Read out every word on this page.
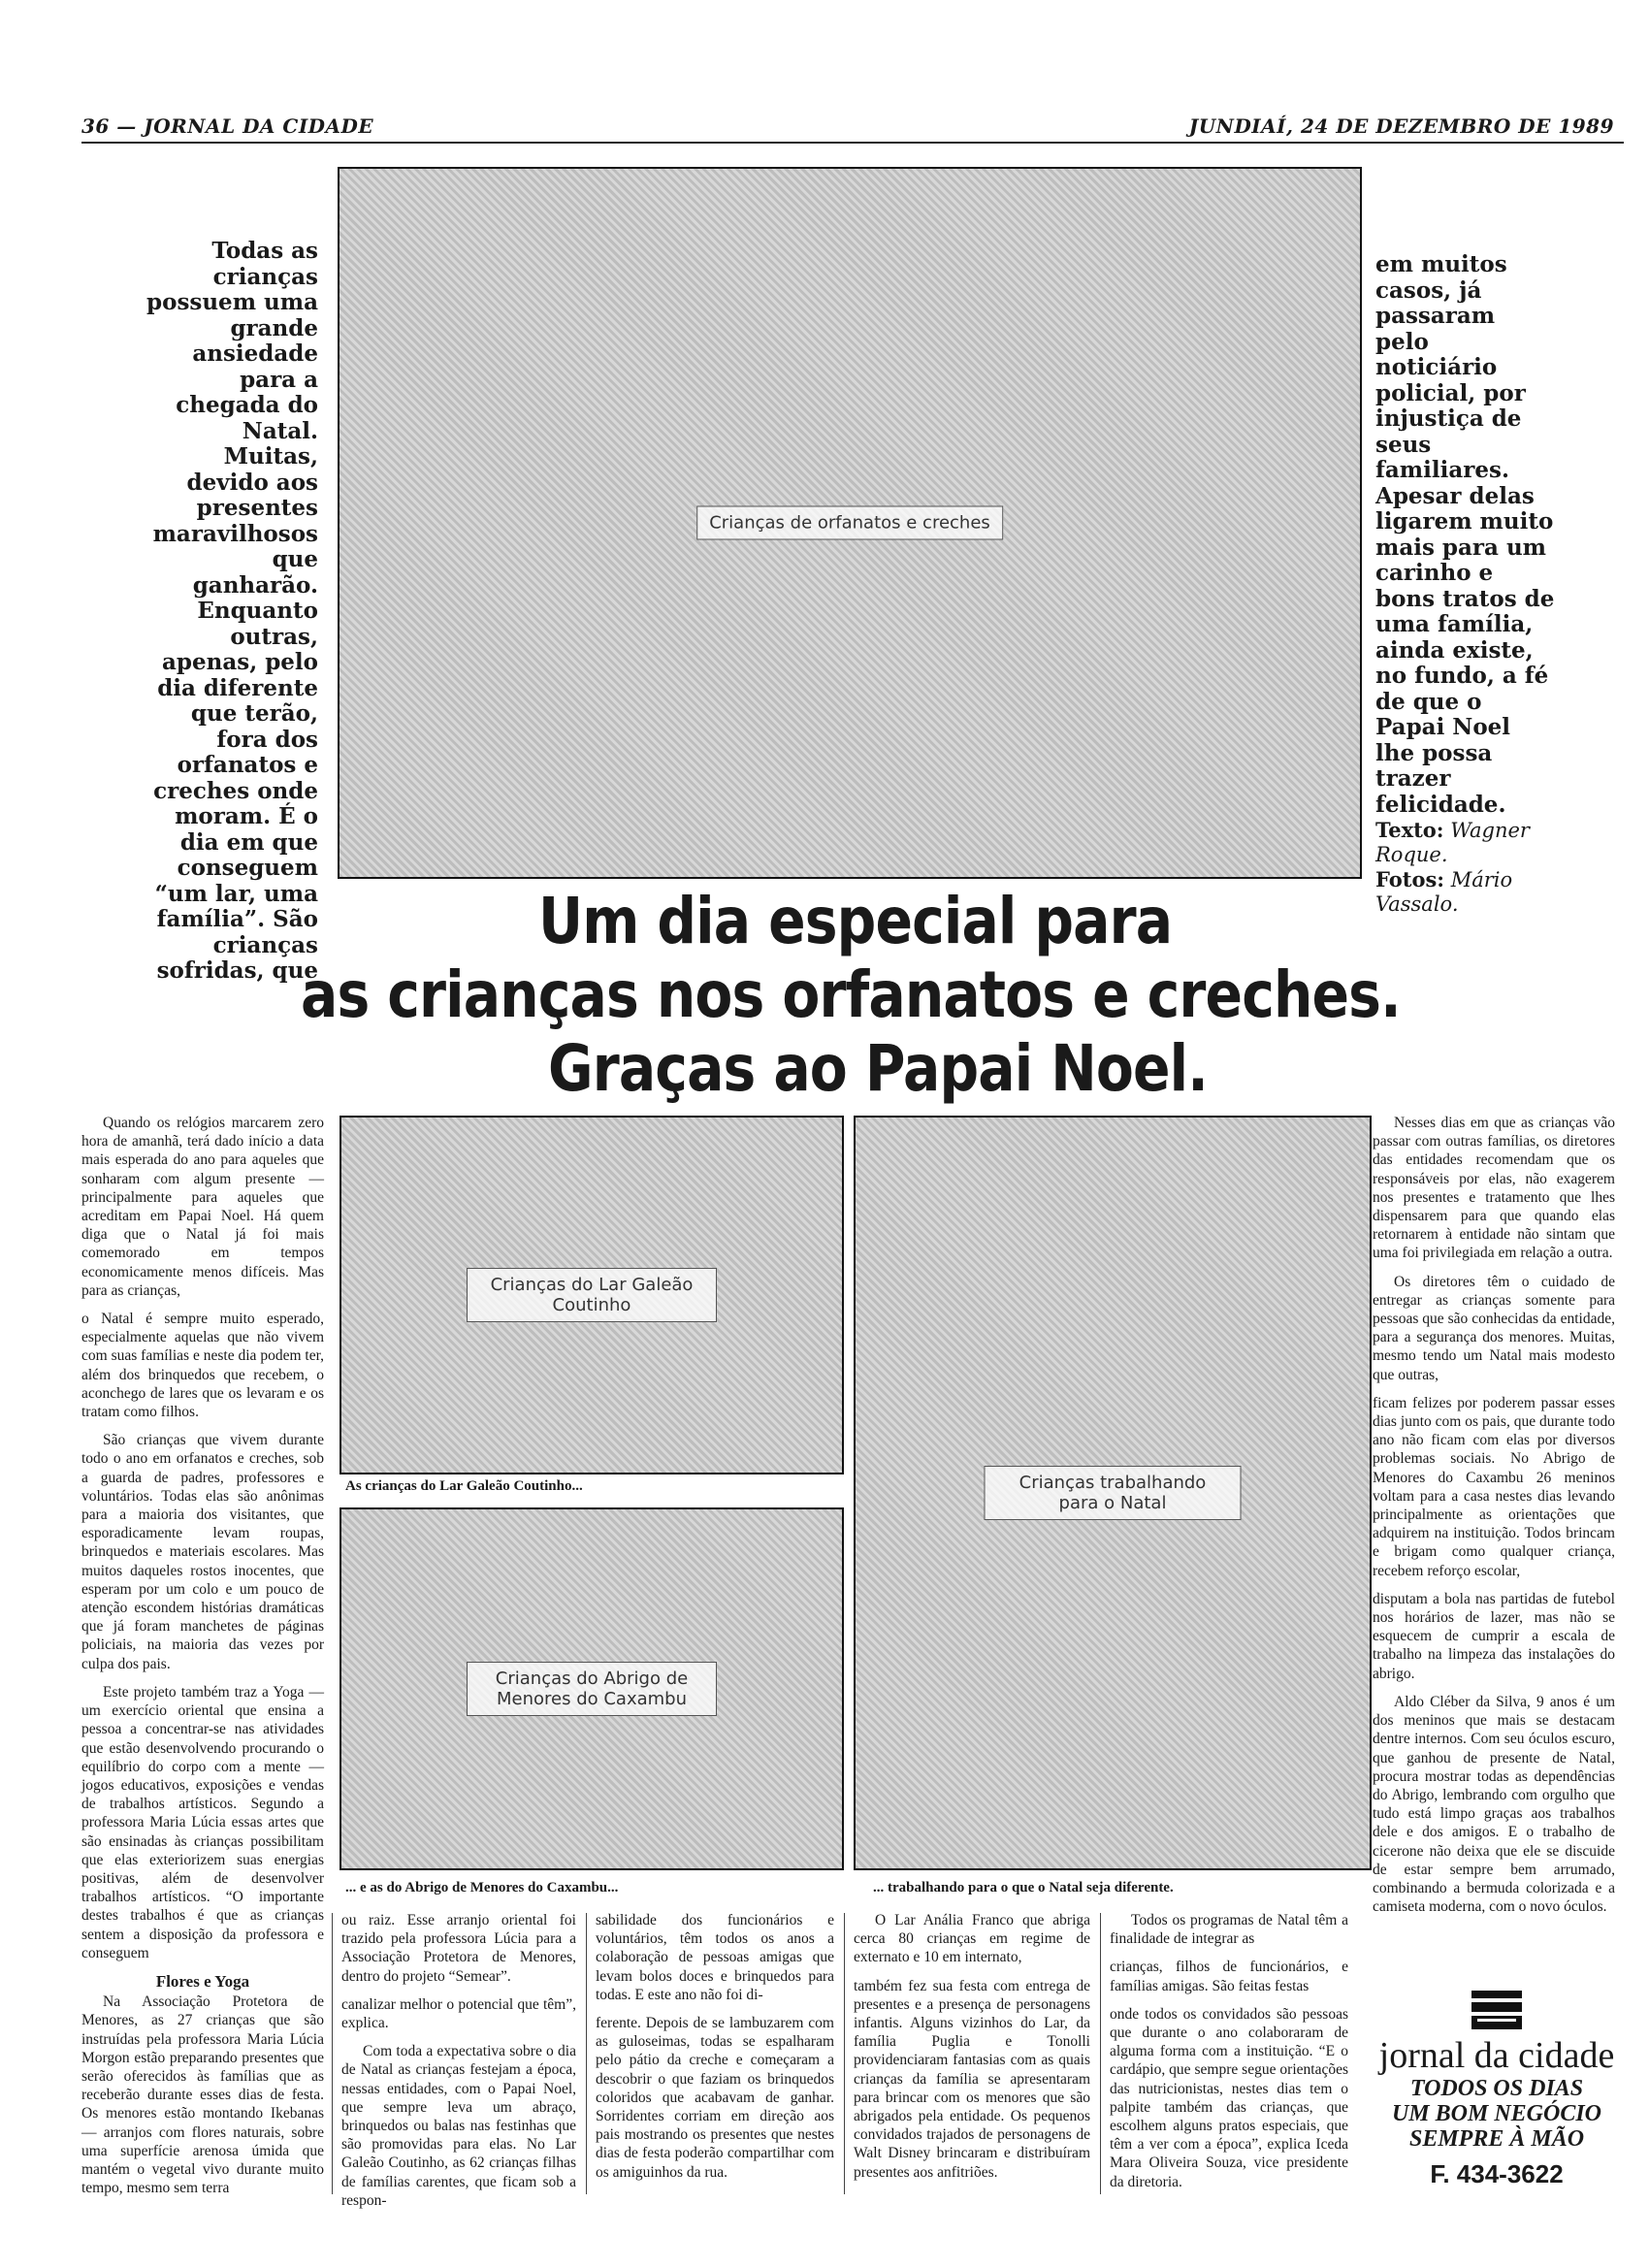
36 — JORNAL DA CIDADE	JUNDIAÍ, 24 DE DEZEMBRO DE 1989
Todas as crianças possuem uma grande ansiedade para a chegada do Natal. Muitas, devido aos presentes maravilhosos que ganharão. Enquanto outras, apenas, pelo dia diferente que terão, fora dos orfanatos e creches onde moram. É o dia em que conseguem “um lar, uma família”. São crianças sofridas, que
Crianças de orfanatos e creches
em muitos casos, já passaram pelo noticiário policial, por injustiça de seus familiares. Apesar delas ligarem muito mais para um carinho e bons tratos de uma família, ainda existe, no fundo, a fé de que o Papai Noel lhe possa trazer felicidade.
Texto: Wagner Roque.
Fotos: Mário Vassalo.
Um dia especial para
as crianças nos orfanatos e creches.
Graças ao Papai Noel.

Quando os relógios marcarem zero hora de amanhã, terá dado início a data mais esperada do ano para aqueles que sonharam com algum presente — principalmente para aqueles que acreditam em Papai Noel. Há quem diga que o Natal já foi mais comemorado em tempos economicamente menos difíceis. Mas para as crianças,

o Natal é sempre muito esperado, especialmente aquelas que não vivem com suas famílias e neste dia podem ter, além dos brinquedos que recebem, o aconchego de lares que os levaram e os tratam como filhos.

São crianças que vivem durante todo o ano em orfanatos e creches, sob a guarda de padres, professores e voluntários. Todas elas são anônimas para a maioria dos visitantes, que esporadicamente levam roupas, brinquedos e materiais escolares. Mas muitos daqueles rostos inocentes, que esperam por um colo e um pouco de atenção escondem histórias dramáticas que já foram manchetes de páginas policiais, na maioria das vezes por culpa dos pais.

Este projeto também traz a Yoga — um exercício oriental que ensina a pessoa a concentrar-se nas atividades que estão desenvolvendo procurando o equilíbrio do corpo com a mente — jogos educativos, exposições e vendas de trabalhos artísticos. Segundo a professora Maria Lúcia essas artes que são ensinadas às crianças possibilitam que elas exteriorizem suas energias positivas, além de desenvolver trabalhos artísticos. “O importante destes trabalhos é que as crianças sentem a disposição da professora e conseguem

Flores e Yoga

Na Associação Protetora de Menores, as 27 crianças que são instruídas pela professora Maria Lúcia Morgon estão preparando presentes que serão oferecidos às famílias que as receberão durante esses dias de festa. Os menores estão montando Ikebanas — arranjos com flores naturais, sobre uma superfície arenosa úmida que mantém o vegetal vivo durante muito tempo, mesmo sem terra

Crianças do Lar Galeão Coutinho
As crianças do Lar Galeão Coutinho...
Crianças do Abrigo de Menores do Caxambu
... e as do Abrigo de Menores do Caxambu...
Crianças trabalhando para o Natal
... trabalhando para o que o Natal seja diferente.

Nesses dias em que as crianças vão passar com outras famílias, os diretores das entidades recomendam que os responsáveis por elas, não exagerem nos presentes e tratamento que lhes dispensarem para que quando elas retornarem à entidade não sintam que uma foi privilegiada em relação a outra.

Os diretores têm o cuidado de entregar as crianças somente para pessoas que são conhecidas da entidade, para a segurança dos menores. Muitas, mesmo tendo um Natal mais modesto que outras,

ficam felizes por poderem passar esses dias junto com os pais, que durante todo ano não ficam com elas por diversos problemas sociais. No Abrigo de Menores do Caxambu 26 meninos voltam para a casa nestes dias levando principalmente as orientações que adquirem na instituição. Todos brincam e brigam como qualquer criança, recebem reforço escolar,

disputam a bola nas partidas de futebol nos horários de lazer, mas não se esquecem de cumprir a escala de trabalho na limpeza das instalações do abrigo.

Aldo Cléber da Silva, 9 anos é um dos meninos que mais se destacam dentre internos. Com seu óculos escuro, que ganhou de presente de Natal, procura mostrar todas as dependências do Abrigo, lembrando com orgulho que tudo está limpo graças aos trabalhos dele e dos amigos. E o trabalho de cicerone não deixa que ele se discuide de estar sempre bem arrumado, combinando a bermuda colorizada e a camiseta moderna, com o novo óculos.

ou raiz. Esse arranjo oriental foi trazido pela professora Lúcia para a Associação Protetora de Menores, dentro do projeto “Semear”.

canalizar melhor o potencial que têm”, explica.

Com toda a expectativa sobre o dia de Natal as crianças festejam a época, nessas entidades, com o Papai Noel, que sempre leva um abraço, brinquedos ou balas nas festinhas que são promovidas para elas. No Lar Galeão Coutinho, as 62 crianças filhas de famílias carentes, que ficam sob a respon-

sabilidade dos funcionários e voluntários, têm todos os anos a colaboração de pessoas amigas que levam bolos doces e brinquedos para todas. E este ano não foi di-

ferente. Depois de se lambuzarem com as guloseimas, todas se espalharam pelo pátio da creche e começaram a descobrir o que faziam os brinquedos coloridos que acabavam de ganhar. Sorridentes corriam em direção aos pais mostrando os presentes que nestes dias de festa poderão compartilhar com os amiguinhos da rua.

O Lar Anália Franco que abriga cerca 80 crianças em regime de externato e 10 em internato,

também fez sua festa com entrega de presentes e a presença de personagens infantis. Alguns vizinhos do Lar, da família Puglia e Tonolli providenciaram fantasias com as quais crianças da família se apresentaram para brincar com os menores que são abrigados pela entidade. Os pequenos convidados trajados de personagens de Walt Disney brincaram e distribuíram presentes aos anfitriões.

Todos os programas de Natal têm a finalidade de integrar as

crianças, filhos de funcionários, e famílias amigas. São feitas festas

onde todos os convidados são pessoas que durante o ano colaboraram de alguma forma com a instituição. “E o cardápio, que sempre segue orientações das nutricionistas, nestes dias tem o palpite também das crianças, que escolhem alguns pratos especiais, que têm a ver com a época”, explica Iceda Mara Oliveira Souza, vice presidente da diretoria.

jornal da cidade
TODOS OS DIAS
UM BOM NEGÓCIO
SEMPRE À MÃO
F. 434-3622
